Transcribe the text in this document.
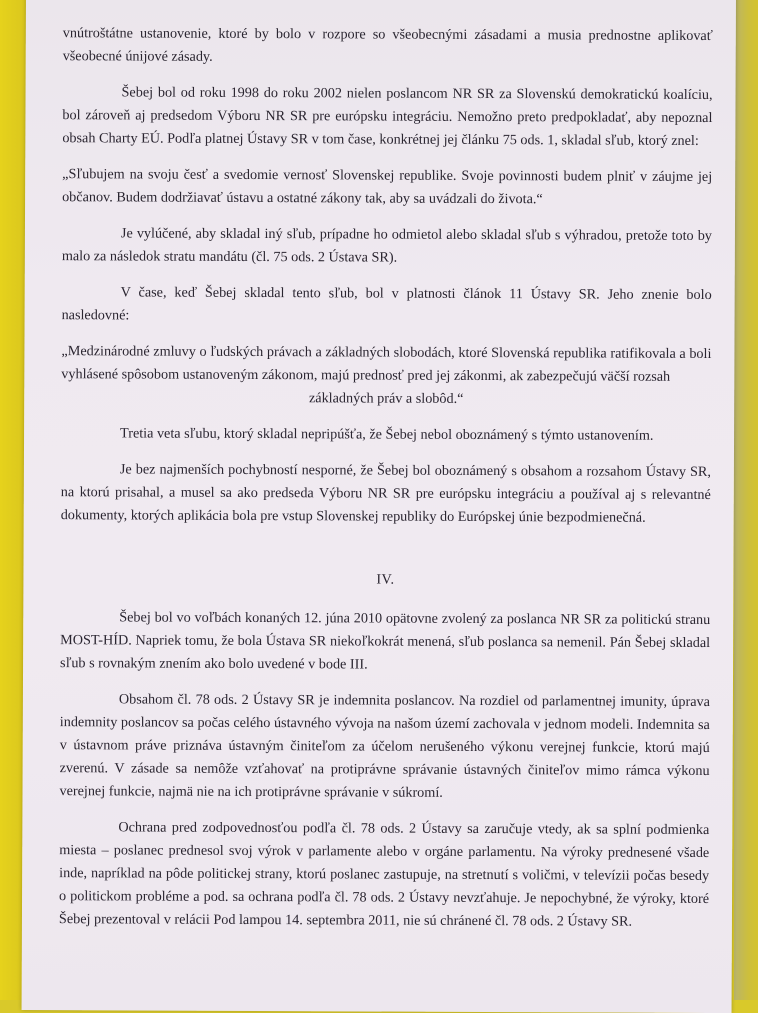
vnútroštátne ustanovenie, ktoré by bolo v rozpore so všeobecnými zásadami a musia prednostne aplikovať všeobecné únijové zásady.

Šebej bol od roku 1998 do roku 2002 nielen poslancom NR SR za Slovenskú demokratickú koalíciu, bol zároveň aj predsedom Výboru NR SR pre európsku integráciu. Nemožno preto predpokladať, aby nepoznal obsah Charty EÚ. Podľa platnej Ústavy SR v tom čase, konkrétnej jej článku 75 ods. 1, skladal sľub, ktorý znel:

„Sľubujem na svoju česť a svedomie vernosť Slovenskej republike. Svoje povinnosti budem plniť v záujme jej občanov. Budem dodržiavať ústavu a ostatné zákony tak, aby sa uvádzali do života.“

Je vylúčené, aby skladal iný sľub, prípadne ho odmietol alebo skladal sľub s výhradou, pretože toto by malo za následok stratu mandátu (čl. 75 ods. 2 Ústava SR).

V čase, keď Šebej skladal tento sľub, bol v platnosti článok 11 Ústavy SR. Jeho znenie bolo nasledovné:

„Medzinárodné zmluvy o ľudských právach a základných slobodách, ktoré Slovenská republika ratifikovala a boli vyhlásené spôsobom ustanoveným zákonom, majú prednosť pred jej zákonmi, ak zabezpečujú väčší rozsah
základných práv a slobôd.“

Tretia veta sľubu, ktorý skladal nepripúšťa, že Šebej nebol oboznámený s týmto ustanovením.

Je bez najmenších pochybností nesporné, že Šebej bol oboznámený s obsahom a rozsahom Ústavy SR, na ktorú prisahal, a musel sa ako predseda Výboru NR SR pre európsku integráciu a používal aj s relevantné dokumenty, ktorých aplikácia bola pre vstup Slovenskej republiky do Európskej únie bezpodmienečná.

IV.

Šebej bol vo voľbách konaných 12. júna 2010 opätovne zvolený za poslanca NR SR za politickú stranu MOST-HÍD. Napriek tomu, že bola Ústava SR niekoľkokrát menená, sľub poslanca sa nemenil. Pán Šebej skladal sľub s rovnakým znením ako bolo uvedené v bode III.

Obsahom čl. 78 ods. 2 Ústavy SR je indemnita poslancov. Na rozdiel od parlamentnej imunity, úprava indemnity poslancov sa počas celého ústavného vývoja na našom území zachovala v jednom modeli. Indemnita sa v ústavnom práve priznáva ústavným činiteľom za účelom nerušeného výkonu verejnej funkcie, ktorú majú zverenú. V zásade sa nemôže vzťahovať na protiprávne správanie ústavných činiteľov mimo rámca výkonu verejnej funkcie, najmä nie na ich protiprávne správanie v súkromí.

Ochrana pred zodpovednosťou podľa čl. 78 ods. 2 Ústavy sa zaručuje vtedy, ak sa splní podmienka miesta – poslanec prednesol svoj výrok v parlamente alebo v orgáne parlamentu. Na výroky prednesené všade inde, napríklad na pôde politickej strany, ktorú poslanec zastupuje, na stretnutí s voličmi, v televízii počas besedy o politickom probléme a pod. sa ochrana podľa čl. 78 ods. 2 Ústavy nevzťahuje. Je nepochybné, že výroky, ktoré Šebej prezentoval v relácii Pod lampou 14. septembra 2011, nie sú chránené čl. 78 ods. 2 Ústavy SR.
